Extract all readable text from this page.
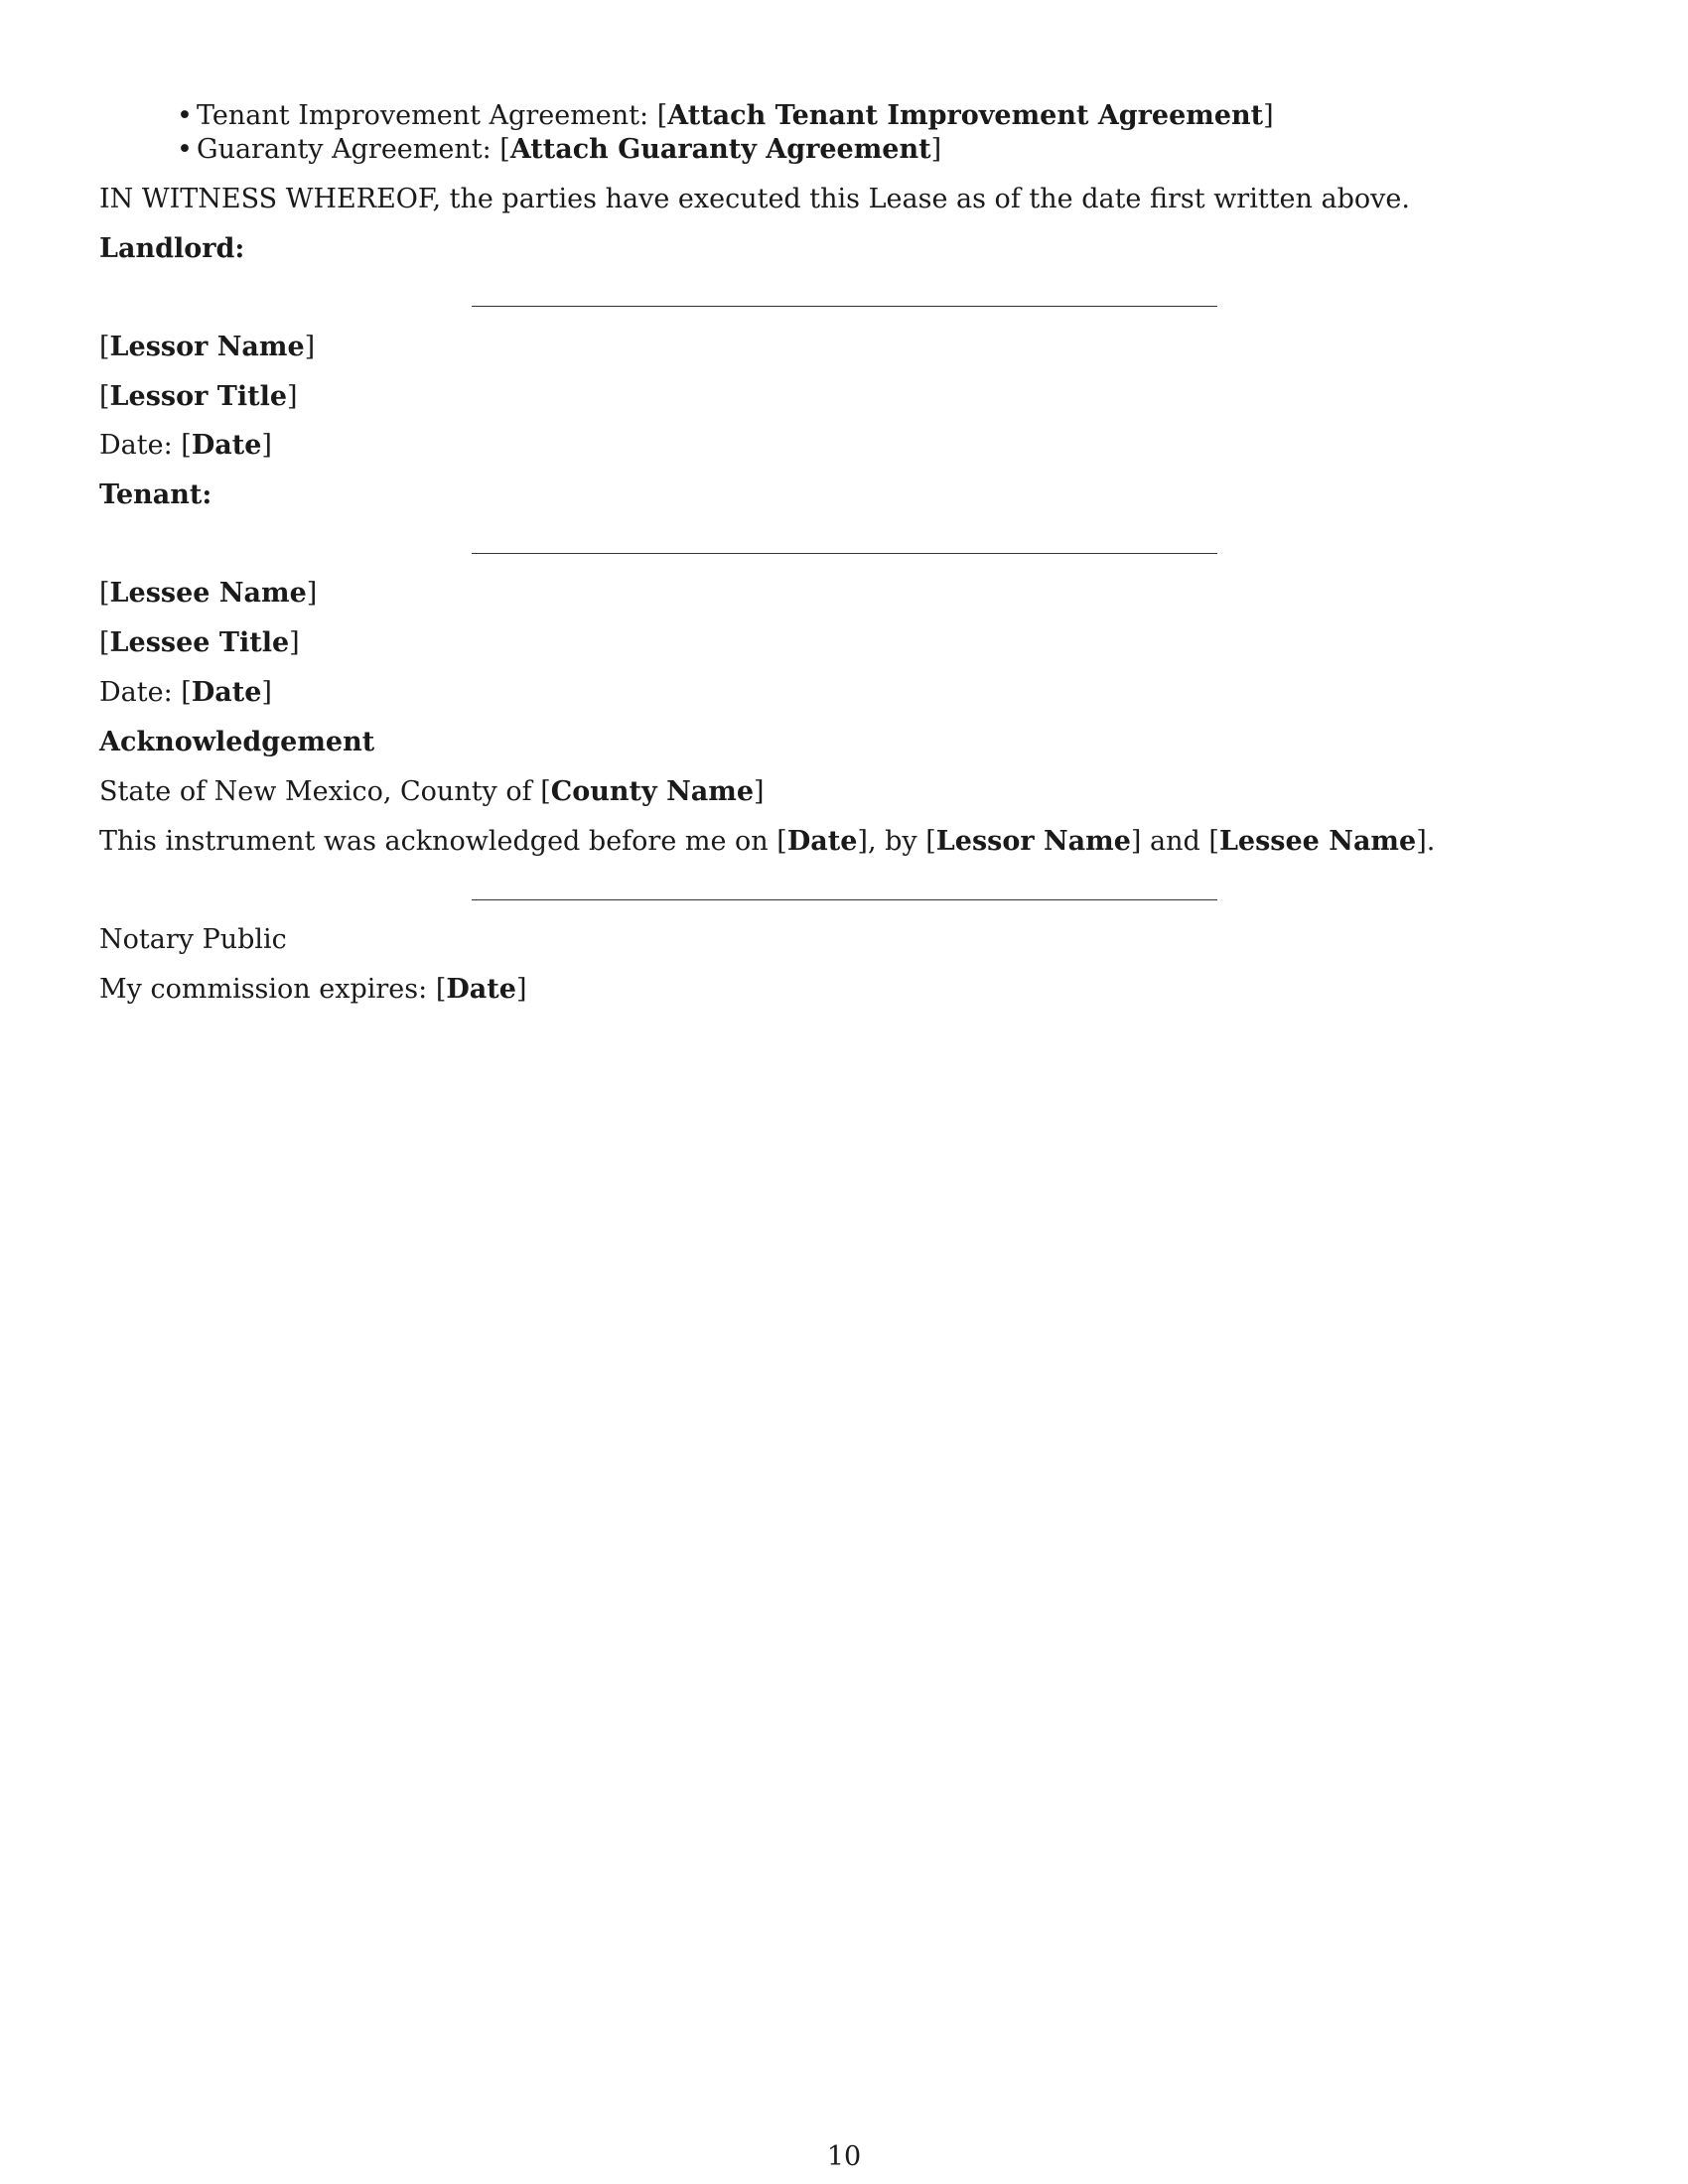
• Tenant Improvement Agreement: [Attach Tenant Improvement Agreement]
• Guaranty Agreement: [Attach Guaranty Agreement]
IN WITNESS WHEREOF, the parties have executed this Lease as of the date first written above.
Landlord:
[Lessor Name]
[Lessor Title]
Date: [Date]
Tenant:
[Lessee Name]
[Lessee Title]
Date: [Date]
Acknowledgement
State of New Mexico, County of [County Name]
This instrument was acknowledged before me on [Date], by [Lessor Name] and [Lessee Name].
Notary Public
My commission expires: [Date]
10
